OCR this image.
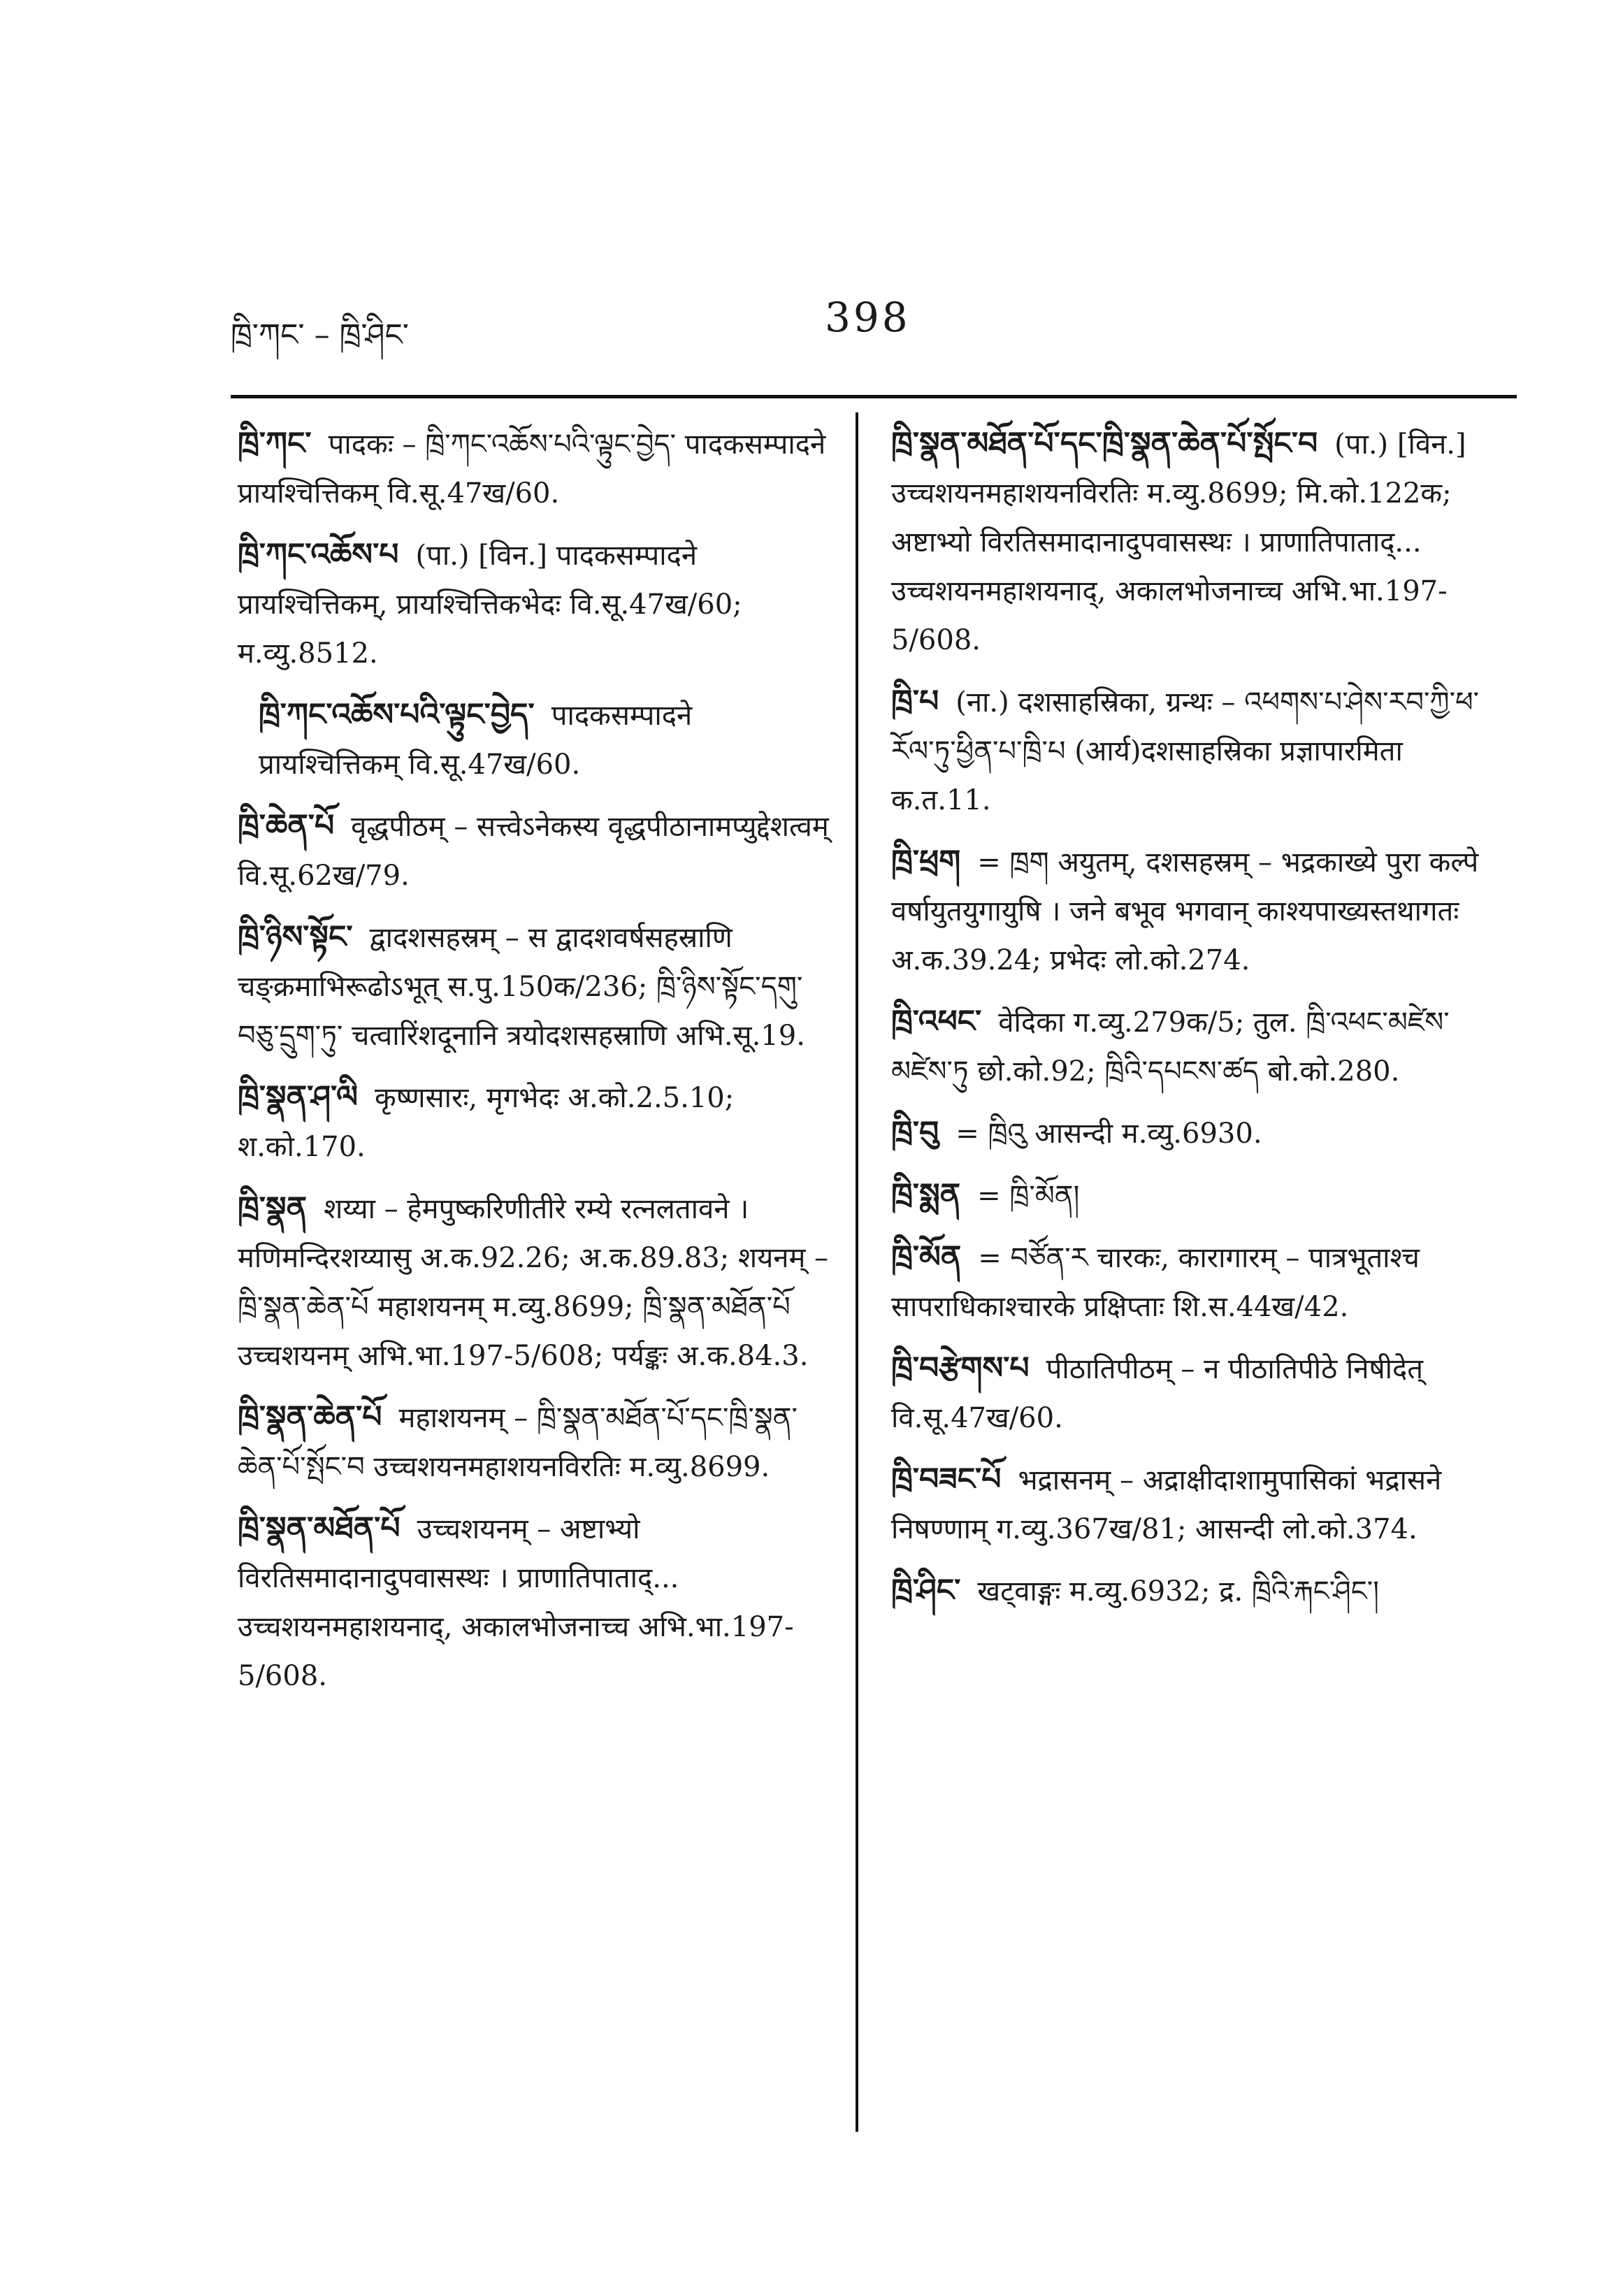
ཁྲི་ཀང་ – ཁྲི་ཤིང་	398
ཁྲི་ཀང་ पादकः – ཁྲི་ཀང་འཆོས་པའི་ལྟུང་བྱེད་ पादकसम्पादने प्रायश्चित्तिकम् वि.सू.47ख/60.
ཁྲི་ཀང་འཆོས་པ (पा.) [विन.] पादकसम्पादने प्रायश्चित्तिकम्, प्रायश्चित्तिकभेदः वि.सू.47ख/60; म.व्यु.8512.
ཁྲི་ཀང་འཆོས་པའི་ལྟུང་བྱེད་ पादकसम्पादने प्रायश्चित्तिकम् वि.सू.47ख/60.
ཁྲི་ཆེན་པོ वृद्धपीठम् – सत्त्वेऽनेकस्य वृद्धपीठानामप्युद्देशत्वम् वि.सू.62ख/79.
ཁྲི་ཉིས་སྟོང་ द्वादशसहस्रम् – स द्वादशवर्षसहस्राणि चङ्क्रमाभिरूढोऽभूत् स.पु.150क/236; ཁྲི་ཉིས་སྟོང་དགུ་བཅུ་དྲུག་ཏུ་ चत्वारिंशदूनानि त्रयोदशसहस्राणि अभि.सू.19.
ཁྲི་སྣན་ཤ་ལི कृष्णसारः, मृगभेदः अ.को.2.5.10; श.को.170.
ཁྲི་སྣན शय्या – हेमपुष्करिणीतीरे रम्ये रत्नलतावने । मणिमन्दिरशय्यासु अ.क.92.26; अ.क.89.83; शयनम् – ཁྲི་སྣན་ཆེན་པོ महाशयनम् म.व्यु.8699; ཁྲི་སྣན་མཐོན་པོ उच्चशयनम् अभि.भा.197-5/608; पर्यङ्कः अ.क.84.3.
ཁྲི་སྣན་ཆེན་པོ महाशयनम् – ཁྲི་སྣན་མཐོན་པོ་དང་ཁྲི་སྣན་ཆེན་པོ་སྤོང་བ उच्चशयनमहाशयनविरतिः म.व्यु.8699.
ཁྲི་སྣན་མཐོན་པོ उच्चशयनम् – अष्टाभ्यो विरतिसमादानादुपवासस्थः । प्राणातिपाताद्... उच्चशयनमहाशयनाद्, अकालभोजनाच्च अभि.भा.197-5/608.
ཁྲི་སྣན་མཐོན་པོ་དང་ཁྲི་སྣན་ཆེན་པོ་སྤོང་བ (पा.) [विन.] उच्चशयनमहाशयनविरतिः म.व्यु.8699; मि.को.122क; अष्टाभ्यो विरतिसमादानादुपवासस्थः । प्राणातिपाताद्... उच्चशयनमहाशयनाद्, अकालभोजनाच्च अभि.भा.197-5/608.
ཁྲི་པ (ना.) दशसाहस्रिका, ग्रन्थः – འཕགས་པ་ཤེས་རབ་ཀྱི་ཕ་རོལ་ཏུ་ཕྱིན་པ་ཁྲི་པ (आर्य)दशसाहस्रिका प्रज्ञापारमिता क.त.11.
ཁྲི་ཕྲག = ཁྲག अयुतम्, दशसहस्रम् – भद्रकाख्ये पुरा कल्पे वर्षायुतयुगायुषि । जने बभूव भगवान् काश्यपाख्यस्तथागतः अ.क.39.24; प्रभेदः लो.को.274.
ཁྲི་འཕང་ वेदिका ग.व्यु.279क/5; तुल. ཁྲི་འཕང་མཛེས་མཛེས་ཏུ छो.को.92; ཁྲིའི་དཔངས་ཚད बो.को.280.
ཁྲི་བུ = ཁྲིའུ आसन्दी म.व्यु.6930.
ཁྲི་སྨན = ཁྲི་མོན།
ཁྲི་མོན = བཙོན་ར चारकः, कारागारम् – पात्रभूताश्च सापराधिकाश्चारके प्रक्षिप्ताः शि.स.44ख/42.
ཁྲི་བརྩེགས་པ पीठातिपीठम् – न पीठातिपीठे निषीदेत् वि.सू.47ख/60.
ཁྲི་བཟང་པོ भद्रासनम् – अद्राक्षीदाशामुपासिकां भद्रासने निषण्णाम् ग.व्यु.367ख/81; आसन्दी लो.को.374.
ཁྲི་ཤིང་ खट्वाङ्गः म.व्यु.6932; द्र. ཁྲིའི་རྐང་ཤིང་།
